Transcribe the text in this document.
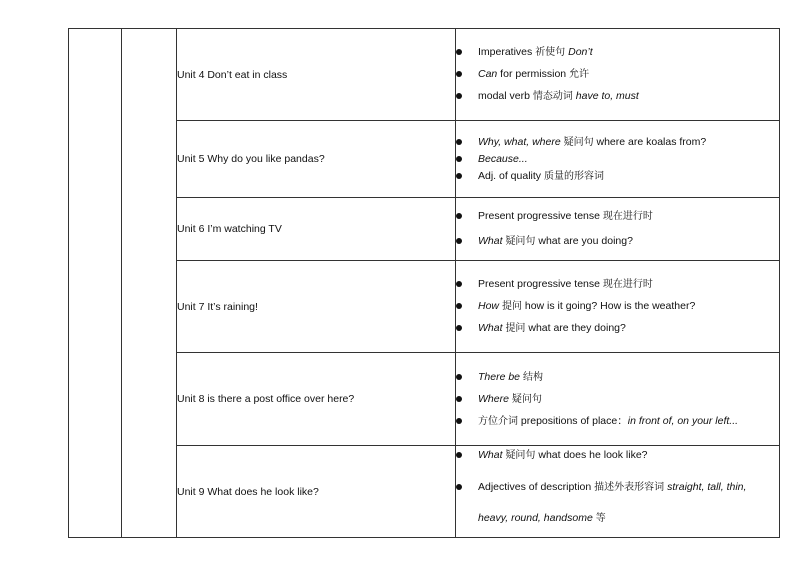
		Unit 4 Don’t eat in class	Imperatives 祈使句 Don’t
Can for permission 允许
modal verb 情态动词 have to, must

		Unit 5 Why do you like pandas?	Why, what, where 疑问句 where are koalas from?
Because...
Adj. of quality 质量的形容词

		Unit 6 I’m watching TV	Present progressive tense 现在进行时
What 疑问句 what are you doing?

		Unit 7 It’s raining!	Present progressive tense 现在进行时
How 提问 how is it going? How is the weather?
What 提问 what are they doing?

		Unit 8 is there a post office over here?	There be 结构
Where 疑问句
方位介词 prepositions of place：in front of, on your left...

		Unit 9 What does he look like?	What 疑问句 what does he look like?
Adjectives of description 描述外表形容词 straight, tall, thin, heavy, round, handsome 等
